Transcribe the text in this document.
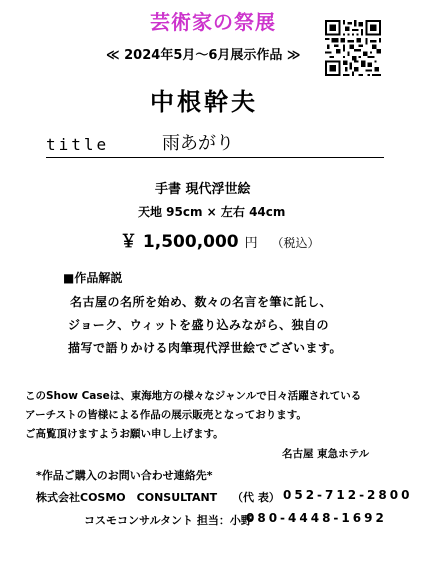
芸術家の祭展
≪ 2024年5月～6月展示作品 ≫
中根幹夫
title	雨あがり
手書 現代浮世絵
天地 95cm × 左右 44cm
￥ 1,500,000 円 （税込）
■作品解説
名古屋の名所を始め、数々の名言を筆に託し、
ジョーク、ウィットを盛り込みながら、独自の
描写で語りかける肉筆現代浮世絵でございます。
このShow Caseは、東海地方の様々なジャンルで日々活躍されている
アーチストの皆様による作品の展示販売となっております。
ご高覧頂けますようお願い申し上げます。
名古屋 東急ホテル
*作品ご購入のお問い合わせ連絡先*
株式会社COSMO　CONSULTANT （代 表） 052-712-2800
コスモコンサルタント 担当：小野
080-4448-1692
